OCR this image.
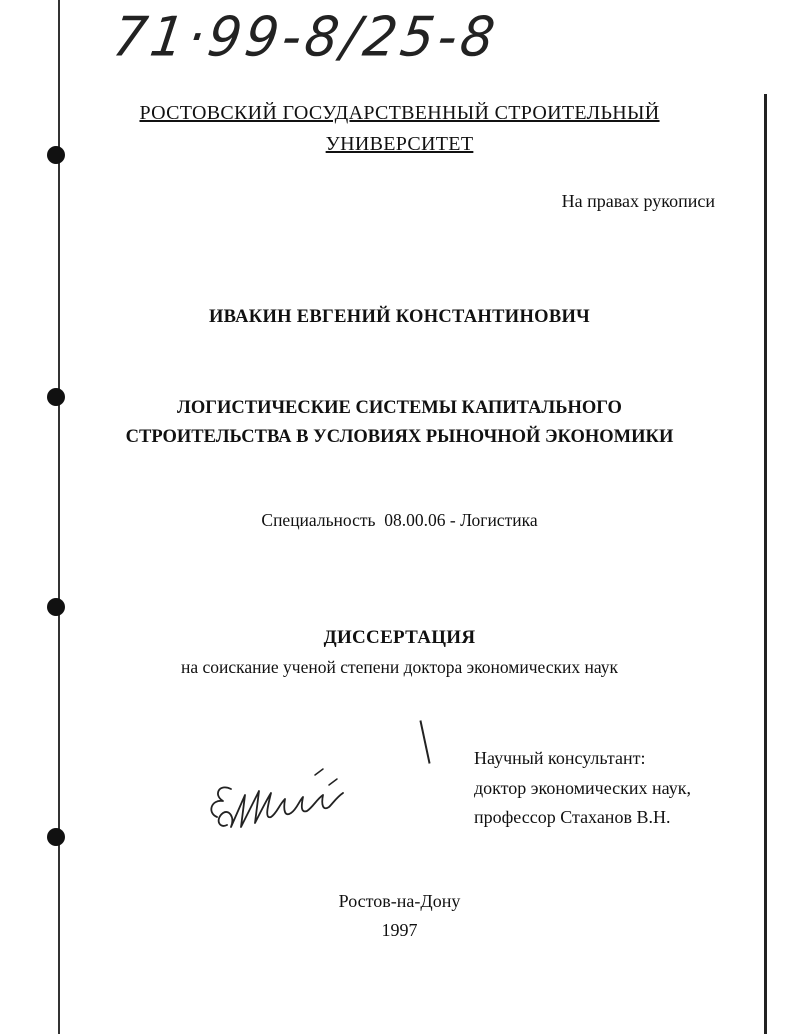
71·99-8/25-8
РОСТОВСКИЙ ГОСУДАРСТВЕННЫЙ СТРОИТЕЛЬНЫЙ
УНИВЕРСИТЕТ
На правах рукописи
ИВАКИН ЕВГЕНИЙ КОНСТАНТИНОВИЧ
ЛОГИСТИЧЕСКИЕ СИСТЕМЫ КАПИТАЛЬНОГО
СТРОИТЕЛЬСТВА В УСЛОВИЯХ РЫНОЧНОЙ ЭКОНОМИКИ
Специальность  08.00.06 - Логистика
ДИССЕРТАЦИЯ
на соискание ученой степени доктора экономических наук
Научный консультант:
доктор экономических наук,
профессор Стаханов В.Н.
Ростов-на-Дону
1997
